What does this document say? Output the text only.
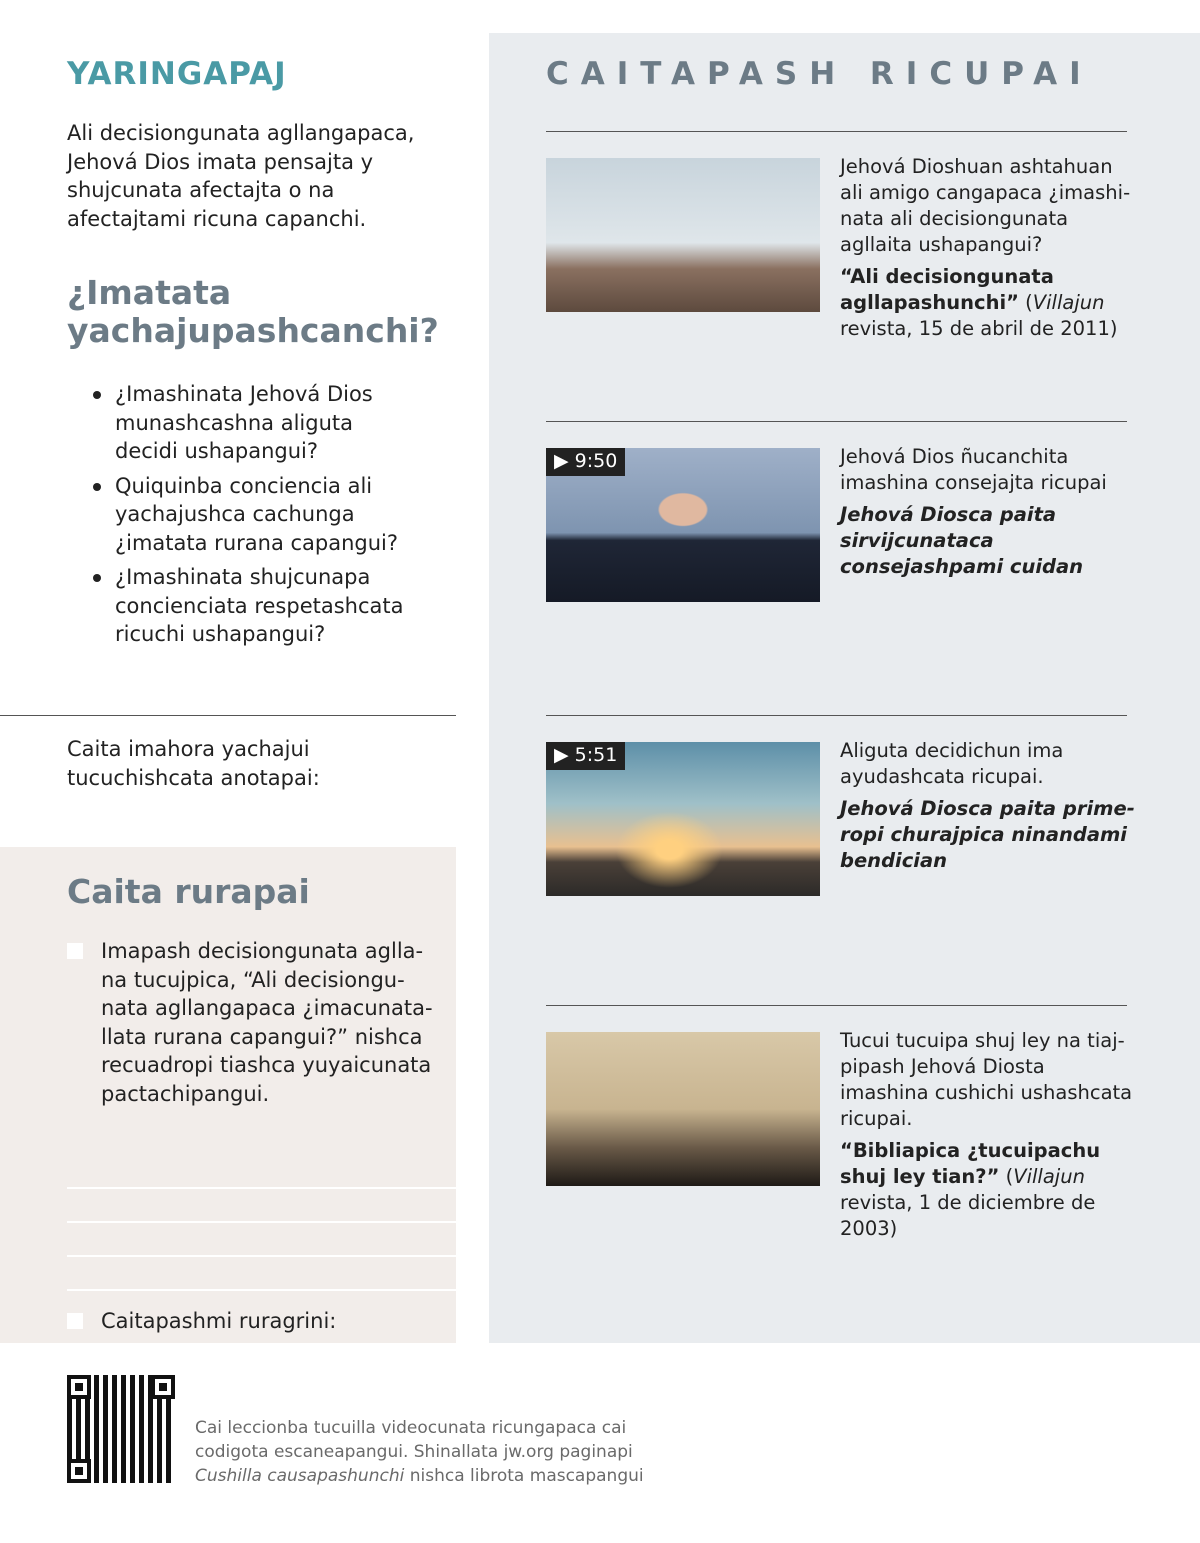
YARINGAPAJ

Ali decisiongunata agllangapaca, Jehová Dios imata pensajta y shujcunata afectajta o na afectajtami ricuna capanchi.

¿Imatata yachajupashcanchi?
¿Imashinata Jehová Dios munashcashna aliguta decidi ushapangui?
Quiquinba conciencia ali yachajushca cachunga ¿imatata rurana capangui?
¿Imashinata shujcunapa concienciata respetashcata ricuchi ushapangui?

Caita imahora yachajui tucuchishcata anotapai:

Caita rurapai
Imapash decisiongunata agllana tucujpica, “Ali decisiongunata agllangapaca ¿imacunatallata rurana capangui?” nishca recuadropi tiashca yuyaicunata pactachipangui.
Caitapashmi ruragrini:
CAITAPASH RICUPAI

Jehová Dioshuan ashtahuan ali amigo cangapaca ¿imashinata ali decisiongunata agllaita ushapangui?

“Ali decisiongunata agllapashunchi” (Villajun revista, 15 de abril de 2011)

▶ 9:50	Jehová Dios ñucanchita imashina consejajta ricupai

Jehová Diosca paita sirvijcunataca consejashpami cuidan

▶ 5:51	Aliguta decidichun ima ayudashcata ricupai.

Jehová Diosca paita primeropi churajpica ninandami bendician

Tucui tucuipa shuj ley na tiajpipash Jehová Diosta imashina cushichi ushashcata ricupai.

“Bibliapica ¿tucuipachu shuj ley tian?” (Villajun revista, 1 de diciembre de 2003)

Cai leccionba tucuilla videocunata ricungapaca cai codigota escaneapangui. Shinallata jw.org paginapi Cushilla causapashunchi nishca librota mascapangui
